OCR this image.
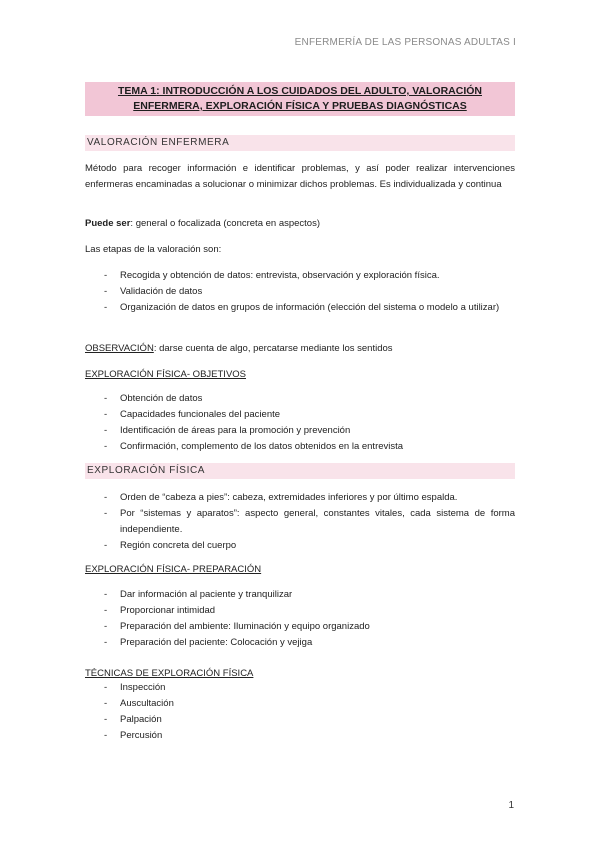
ENFERMERÍA DE LAS PERSONAS ADULTAS I
TEMA 1: INTRODUCCIÓN A LOS CUIDADOS DEL ADULTO, VALORACIÓN
ENFERMERA, EXPLORACIÓN FÍSICA Y PRUEBAS DIAGNÓSTICAS
VALORACIÓN ENFERMERA
Método para recoger información e identificar problemas, y así poder realizar intervenciones enfermeras encaminadas a solucionar o minimizar dichos problemas. Es individualizada y continua
Puede ser: general o focalizada (concreta en aspectos)
Las etapas de la valoración son:
- Recogida y obtención de datos: entrevista, observación y exploración física.
- Validación de datos
- Organización de datos en grupos de información (elección del sistema o modelo a utilizar)
OBSERVACIÓN: darse cuenta de algo, percatarse mediante los sentidos
EXPLORACIÓN FÍSICA- OBJETIVOS
- Obtención de datos
- Capacidades funcionales del paciente
- Identificación de áreas para la promoción y prevención
- Confirmación, complemento de los datos obtenidos en la entrevista
EXPLORACIÓN FÍSICA
- Orden de “cabeza a pies”: cabeza, extremidades inferiores y por último espalda.
- Por “sistemas y aparatos”: aspecto general, constantes vitales, cada sistema de forma independiente.
- Región concreta del cuerpo
EXPLORACIÓN FÍSICA- PREPARACIÓN
- Dar información al paciente y tranquilizar
- Proporcionar intimidad
- Preparación del ambiente: Iluminación y equipo organizado
- Preparación del paciente: Colocación y vejiga
TÉCNICAS DE EXPLORACIÓN FÍSICA
- Inspección
- Auscultación
- Palpación
- Percusión
1
